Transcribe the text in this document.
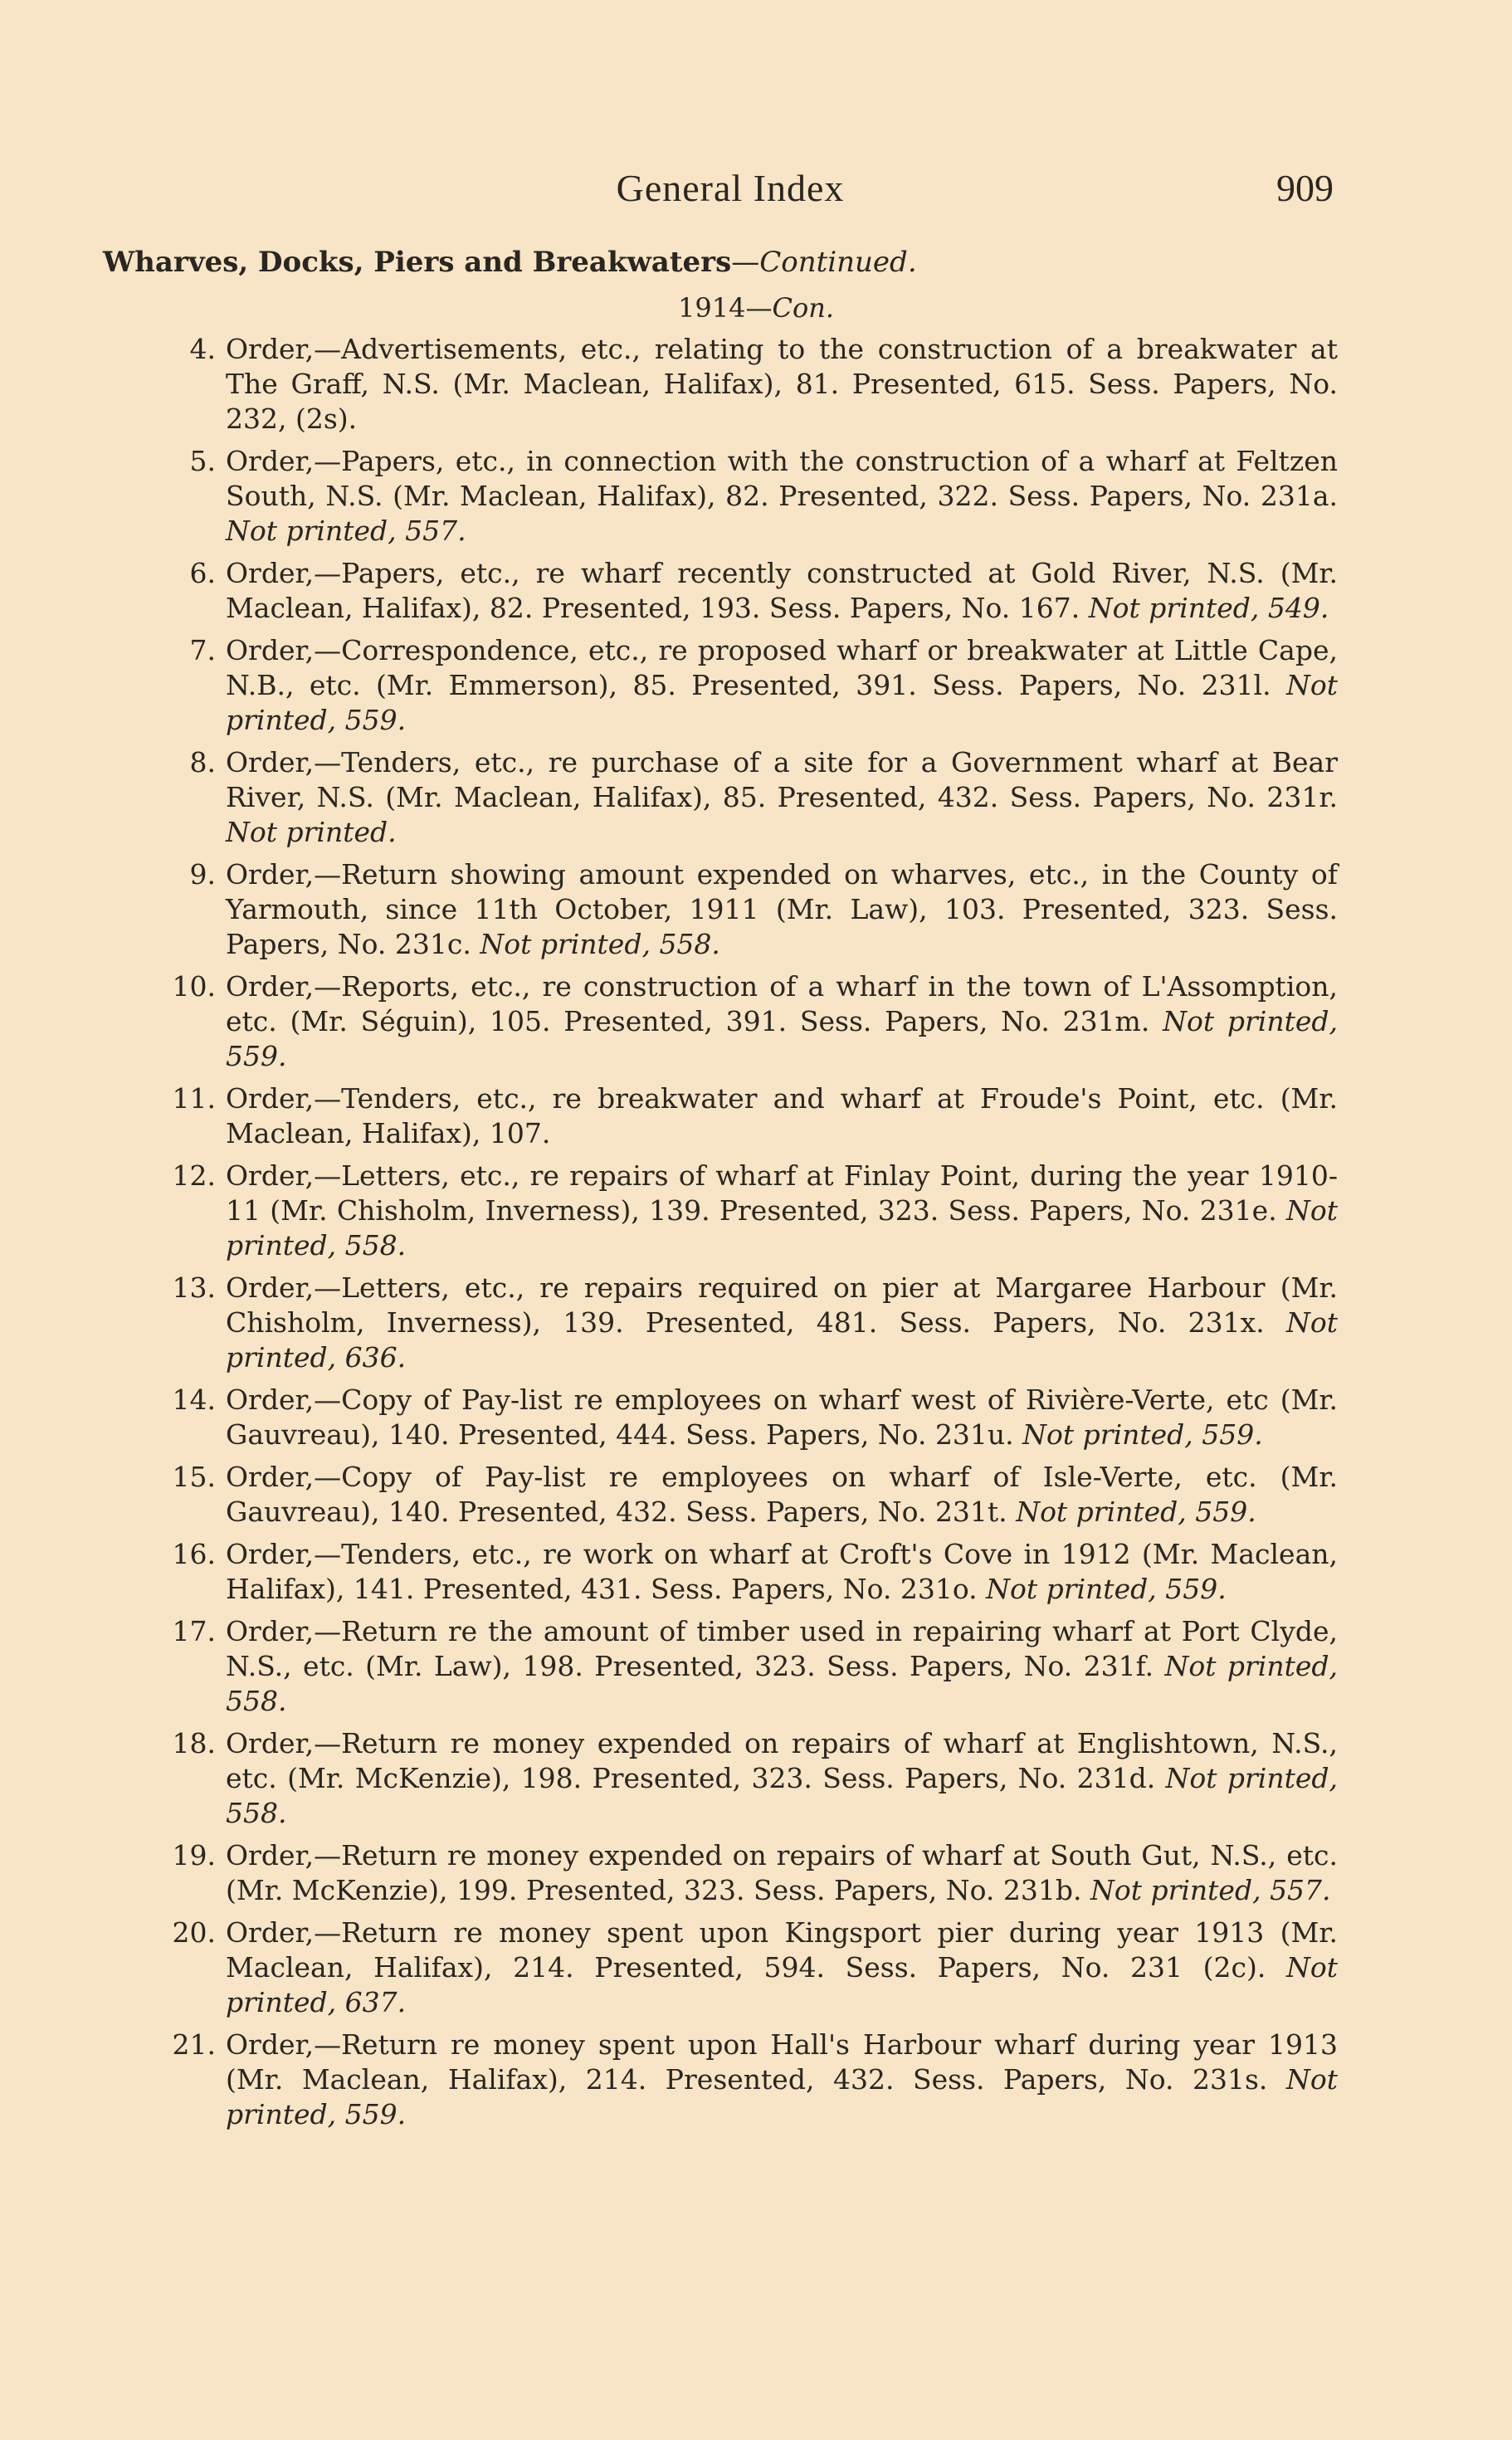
General Index	909
Wharves, Docks, Piers and Breakwaters—Continued.
1914—Con.
4. Order,—Advertisements, etc., relating to the construction of a breakwater at The Graff, N.S. (Mr. Maclean, Halifax), 81. Presented, 615. Sess. Papers, No. 232, (2s).
5. Order,—Papers, etc., in connection with the construction of a wharf at Feltzen South, N.S. (Mr. Maclean, Halifax), 82. Presented, 322. Sess. Papers, No. 231a. Not printed, 557.
6. Order,—Papers, etc., re wharf recently constructed at Gold River, N.S. (Mr. Maclean, Halifax), 82. Presented, 193. Sess. Papers, No. 167. Not printed, 549.
7. Order,—Correspondence, etc., re proposed wharf or breakwater at Little Cape, N.B., etc. (Mr. Emmerson), 85. Presented, 391. Sess. Papers, No. 231l. Not printed, 559.
8. Order,—Tenders, etc., re purchase of a site for a Government wharf at Bear River, N.S. (Mr. Maclean, Halifax), 85. Presented, 432. Sess. Papers, No. 231r. Not printed.
9. Order,—Return showing amount expended on wharves, etc., in the County of Yarmouth, since 11th October, 1911 (Mr. Law), 103. Presented, 323. Sess. Papers, No. 231c. Not printed, 558.
10. Order,—Reports, etc., re construction of a wharf in the town of L'Assomption, etc. (Mr. Séguin), 105. Presented, 391. Sess. Papers, No. 231m. Not printed, 559.
11. Order,—Tenders, etc., re breakwater and wharf at Froude's Point, etc. (Mr. Maclean, Halifax), 107.
12. Order,—Letters, etc., re repairs of wharf at Finlay Point, during the year 1910-11 (Mr. Chisholm, Inverness), 139. Presented, 323. Sess. Papers, No. 231e. Not printed, 558.
13. Order,—Letters, etc., re repairs required on pier at Margaree Harbour (Mr. Chisholm, Inverness), 139. Presented, 481. Sess. Papers, No. 231x. Not printed, 636.
14. Order,—Copy of Pay-list re employees on wharf west of Rivière-Verte, etc (Mr. Gauvreau), 140. Presented, 444. Sess. Papers, No. 231u. Not printed, 559.
15. Order,—Copy of Pay-list re employees on wharf of Isle-Verte, etc. (Mr. Gauvreau), 140. Presented, 432. Sess. Papers, No. 231t. Not printed, 559.
16. Order,—Tenders, etc., re work on wharf at Croft's Cove in 1912 (Mr. Maclean, Halifax), 141. Presented, 431. Sess. Papers, No. 231o. Not printed, 559.
17. Order,—Return re the amount of timber used in repairing wharf at Port Clyde, N.S., etc. (Mr. Law), 198. Presented, 323. Sess. Papers, No. 231f. Not printed, 558.
18. Order,—Return re money expended on repairs of wharf at Englishtown, N.S., etc. (Mr. McKenzie), 198. Presented, 323. Sess. Papers, No. 231d. Not printed, 558.
19. Order,—Return re money expended on repairs of wharf at South Gut, N.S., etc. (Mr. McKenzie), 199. Presented, 323. Sess. Papers, No. 231b. Not printed, 557.
20. Order,—Return re money spent upon Kingsport pier during year 1913 (Mr. Maclean, Halifax), 214. Presented, 594. Sess. Papers, No. 231 (2c). Not printed, 637.
21. Order,—Return re money spent upon Hall's Harbour wharf during year 1913 (Mr. Maclean, Halifax), 214. Presented, 432. Sess. Papers, No. 231s. Not printed, 559.
